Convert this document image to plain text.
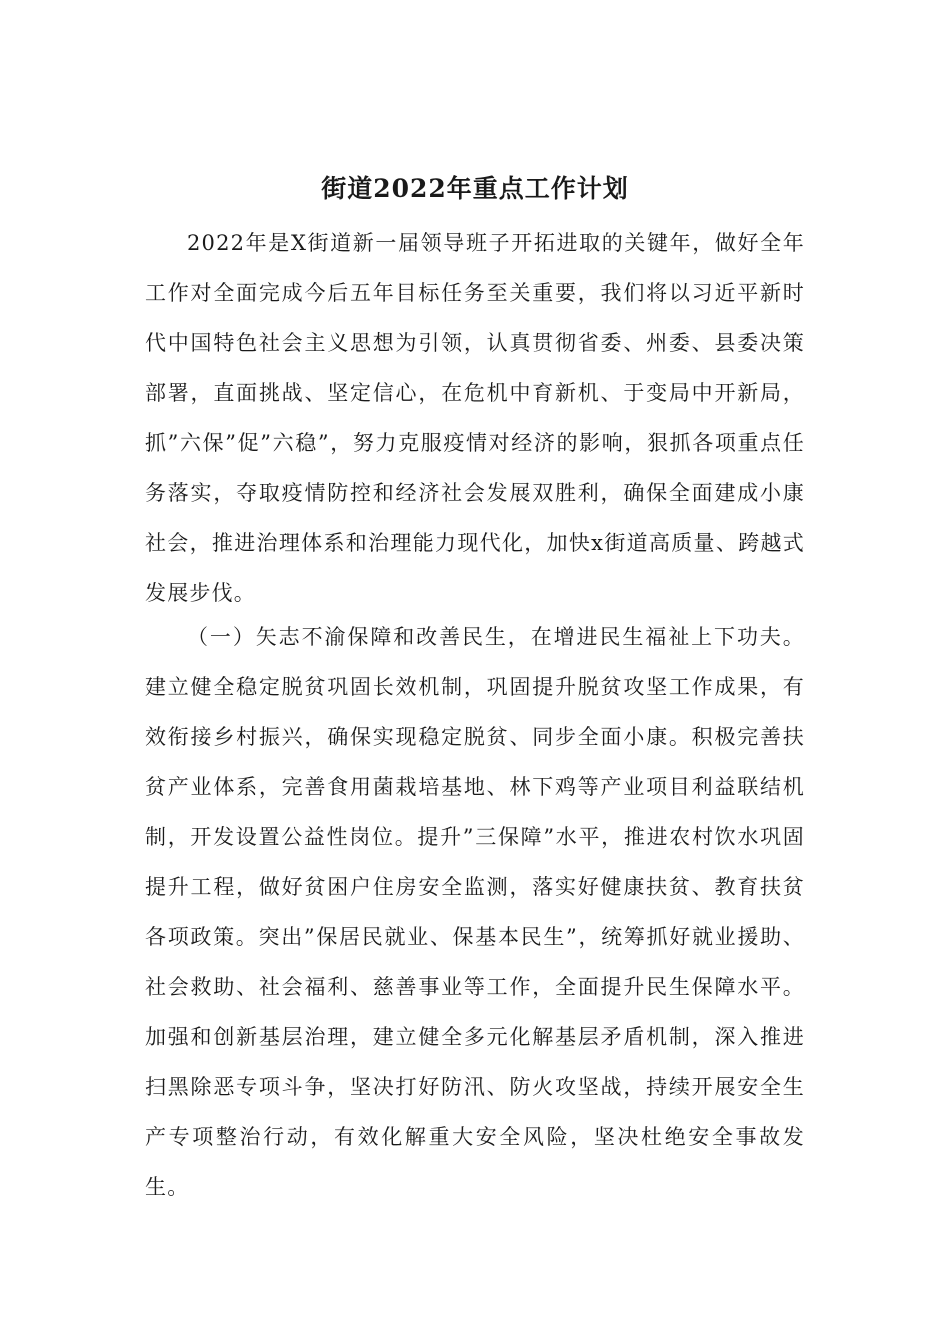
街道2022年重点工作计划

2022年是X街道新一届领导班子开拓进取的关键年，做好全年工作对全面完成今后五年目标任务至关重要，我们将以习近平新时代中国特色社会主义思想为引领，认真贯彻省委、州委、县委决策部署，直面挑战、坚定信心，在危机中育新机、于变局中开新局，抓”六保”促”六稳”，努力克服疫情对经济的影响，狠抓各项重点任务落实，夺取疫情防控和经济社会发展双胜利，确保全面建成小康社会，推进治理体系和治理能力现代化，加快x街道高质量、跨越式发展步伐。

（一）矢志不渝保障和改善民生，在增进民生福祉上下功夫。建立健全稳定脱贫巩固长效机制，巩固提升脱贫攻坚工作成果，有效衔接乡村振兴，确保实现稳定脱贫、同步全面小康。积极完善扶贫产业体系，完善食用菌栽培基地、林下鸡等产业项目利益联结机制，开发设置公益性岗位。提升”三保障”水平，推进农村饮水巩固提升工程，做好贫困户住房安全监测，落实好健康扶贫、教育扶贫各项政策。突出”保居民就业、保基本民生”，统筹抓好就业援助、社会救助、社会福利、慈善事业等工作，全面提升民生保障水平。加强和创新基层治理，建立健全多元化解基层矛盾机制，深入推进扫黑除恶专项斗争，坚决打好防汛、防火攻坚战，持续开展安全生产专项整治行动，有效化解重大安全风险，坚决杜绝安全事故发生。
